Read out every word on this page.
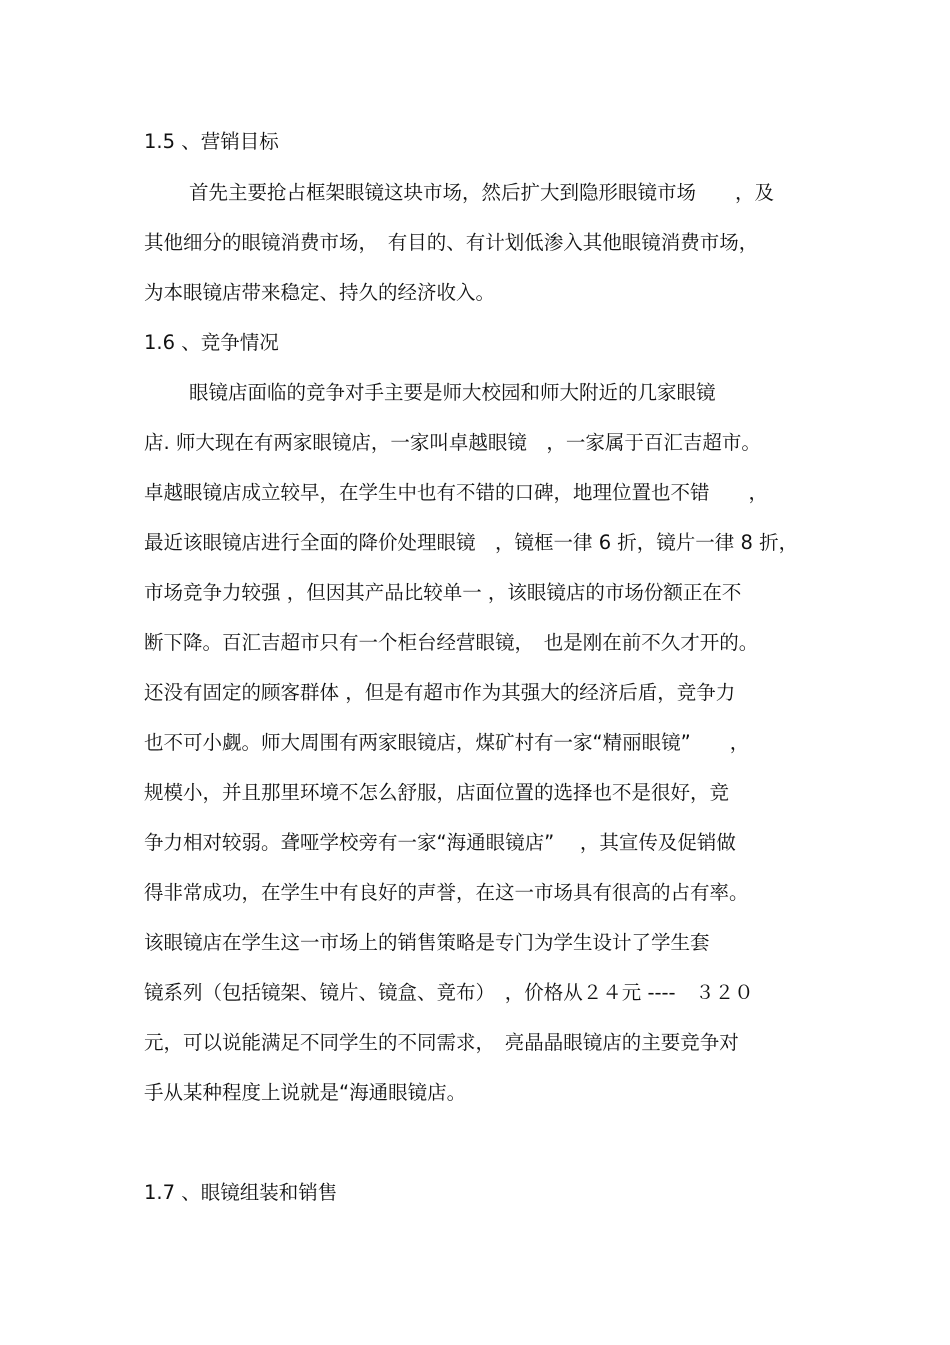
1.5 、营销目标
首先主要抢占框架眼镜这块市场，然后扩大到隐形眼镜市场　　，及
其他细分的眼镜消费市场，　有目的、有计划低渗入其他眼镜消费市场，
为本眼镜店带来稳定、持久的经济收入。
1.6 、竞争情况
眼镜店面临的竞争对手主要是师大校园和师大附近的几家眼镜
店. 师大现在有两家眼镜店，一家叫卓越眼镜　，一家属于百汇吉超市。
卓越眼镜店成立较早，在学生中也有不错的口碑，地理位置也不错　　，
最近该眼镜店进行全面的降价处理眼镜　，镜框一律 6 折，镜片一律 8 折，
市场竞争力较强 ，但因其产品比较单一 ，该眼镜店的市场份额正在不
断下降。百汇吉超市只有一个柜台经营眼镜，　也是刚在前不久才开的。
还没有固定的顾客群体 ，但是有超市作为其强大的经济后盾，竞争力
也不可小觑。师大周围有两家眼镜店，煤矿村有一家“精丽眼镜”　　，
规模小，并且那里环境不怎么舒服，店面位置的选择也不是很好，竞
争力相对较弱。聋哑学校旁有一家“海通眼镜店”　 ，其宣传及促销做
得非常成功，在学生中有良好的声誉，在这一市场具有很高的占有率。
该眼镜店在学生这一市场上的销售策略是专门为学生设计了学生套
镜系列（包括镜架、镜片、镜盒、竟布）　，价格从２４元 ----　３２０
元，可以说能满足不同学生的不同需求，　亮晶晶眼镜店的主要竞争对
手从某种程度上说就是“海通眼镜店。
1.7 、眼镜组装和销售
